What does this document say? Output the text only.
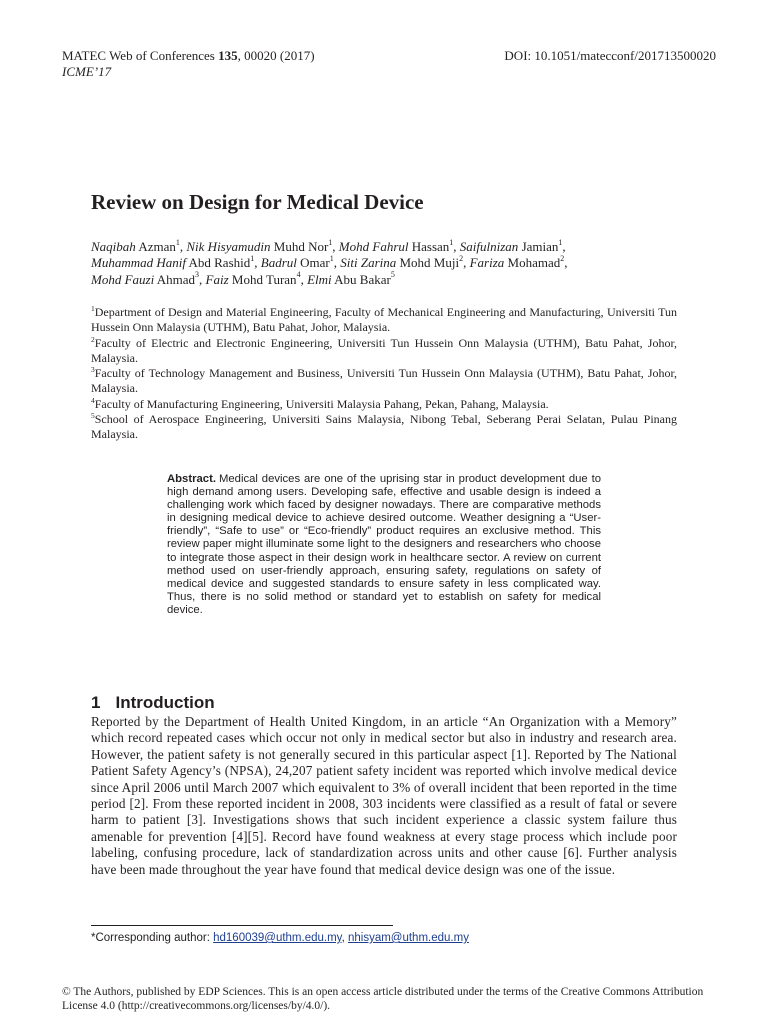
MATEC Web of Conferences 135, 00020 (2017)
ICME’17
DOI: 10.1051/matecconf/201713500020
Review on Design for Medical Device
Naqibah Azman$^1$, Nik Hisyamudin Muhd Nor$^1$, Mohd Fahrul Hassan$^1$, Saifulnizan Jamian$^1$,
Muhammad Hanif Abd Rashid$^1$, Badrul Omar$^1$, Siti Zarina Mohd Muji$^2$, Fariza Mohamad$^2$,
Mohd Fauzi Ahmad$^3$, Faiz Mohd Turan$^4$, Elmi Abu Bakar$^5$
$^1$Department of Design and Material Engineering, Faculty of Mechanical Engineering and Manufacturing, Universiti Tun Hussein Onn Malaysia (UTHM), Batu Pahat, Johor, Malaysia.
$^2$Faculty of Electric and Electronic Engineering, Universiti Tun Hussein Onn Malaysia (UTHM), Batu Pahat, Johor, Malaysia.
$^3$Faculty of Technology Management and Business, Universiti Tun Hussein Onn Malaysia (UTHM), Batu Pahat, Johor, Malaysia.
$^4$Faculty of Manufacturing Engineering, Universiti Malaysia Pahang, Pekan, Pahang, Malaysia.
$^5$School of Aerospace Engineering, Universiti Sains Malaysia, Nibong Tebal, Seberang Perai Selatan, Pulau Pinang Malaysia.
Abstract. Medical devices are one of the uprising star in product development due to high demand among users. Developing safe, effective and usable design is indeed a challenging work which faced by designer nowadays. There are comparative methods in designing medical device to achieve desired outcome. Weather designing a “User-friendly”, “Safe to use” or “Eco-friendly” product requires an exclusive method. This review paper might illuminate some light to the designers and researchers who choose to integrate those aspect in their design work in healthcare sector. A review on current method used on user-friendly approach, ensuring safety, regulations on safety of medical device and suggested standards to ensure safety in less complicated way. Thus, there is no solid method or standard yet to establish on safety for medical device.
1 Introduction

Reported by the Department of Health United Kingdom, in an article “An Organization with a Memory” which record repeated cases which occur not only in medical sector but also in industry and research area. However, the patient safety is not generally secured in this particular aspect [1]. Reported by The National Patient Safety Agency’s (NPSA), 24,207 patient safety incident was reported which involve medical device since April 2006 until March 2007 which equivalent to 3% of overall incident that been reported in the time period [2]. From these reported incident in 2008, 303 incidents were classified as a result of fatal or severe harm to patient [3]. Investigations shows that such incident experience a classic system failure thus amenable for prevention [4][5]. Record have found weakness at every stage process which include poor labeling, confusing procedure, lack of standardization across units and other cause [6]. Further analysis have been made throughout the year have found that medical device design was one of the issue.

*Corresponding author: hd160039@uthm.edu.my, nhisyam@uthm.edu.my
© The Authors, published by EDP Sciences. This is an open access article distributed under the terms of the Creative Commons Attribution License 4.0 (http://creativecommons.org/licenses/by/4.0/).
